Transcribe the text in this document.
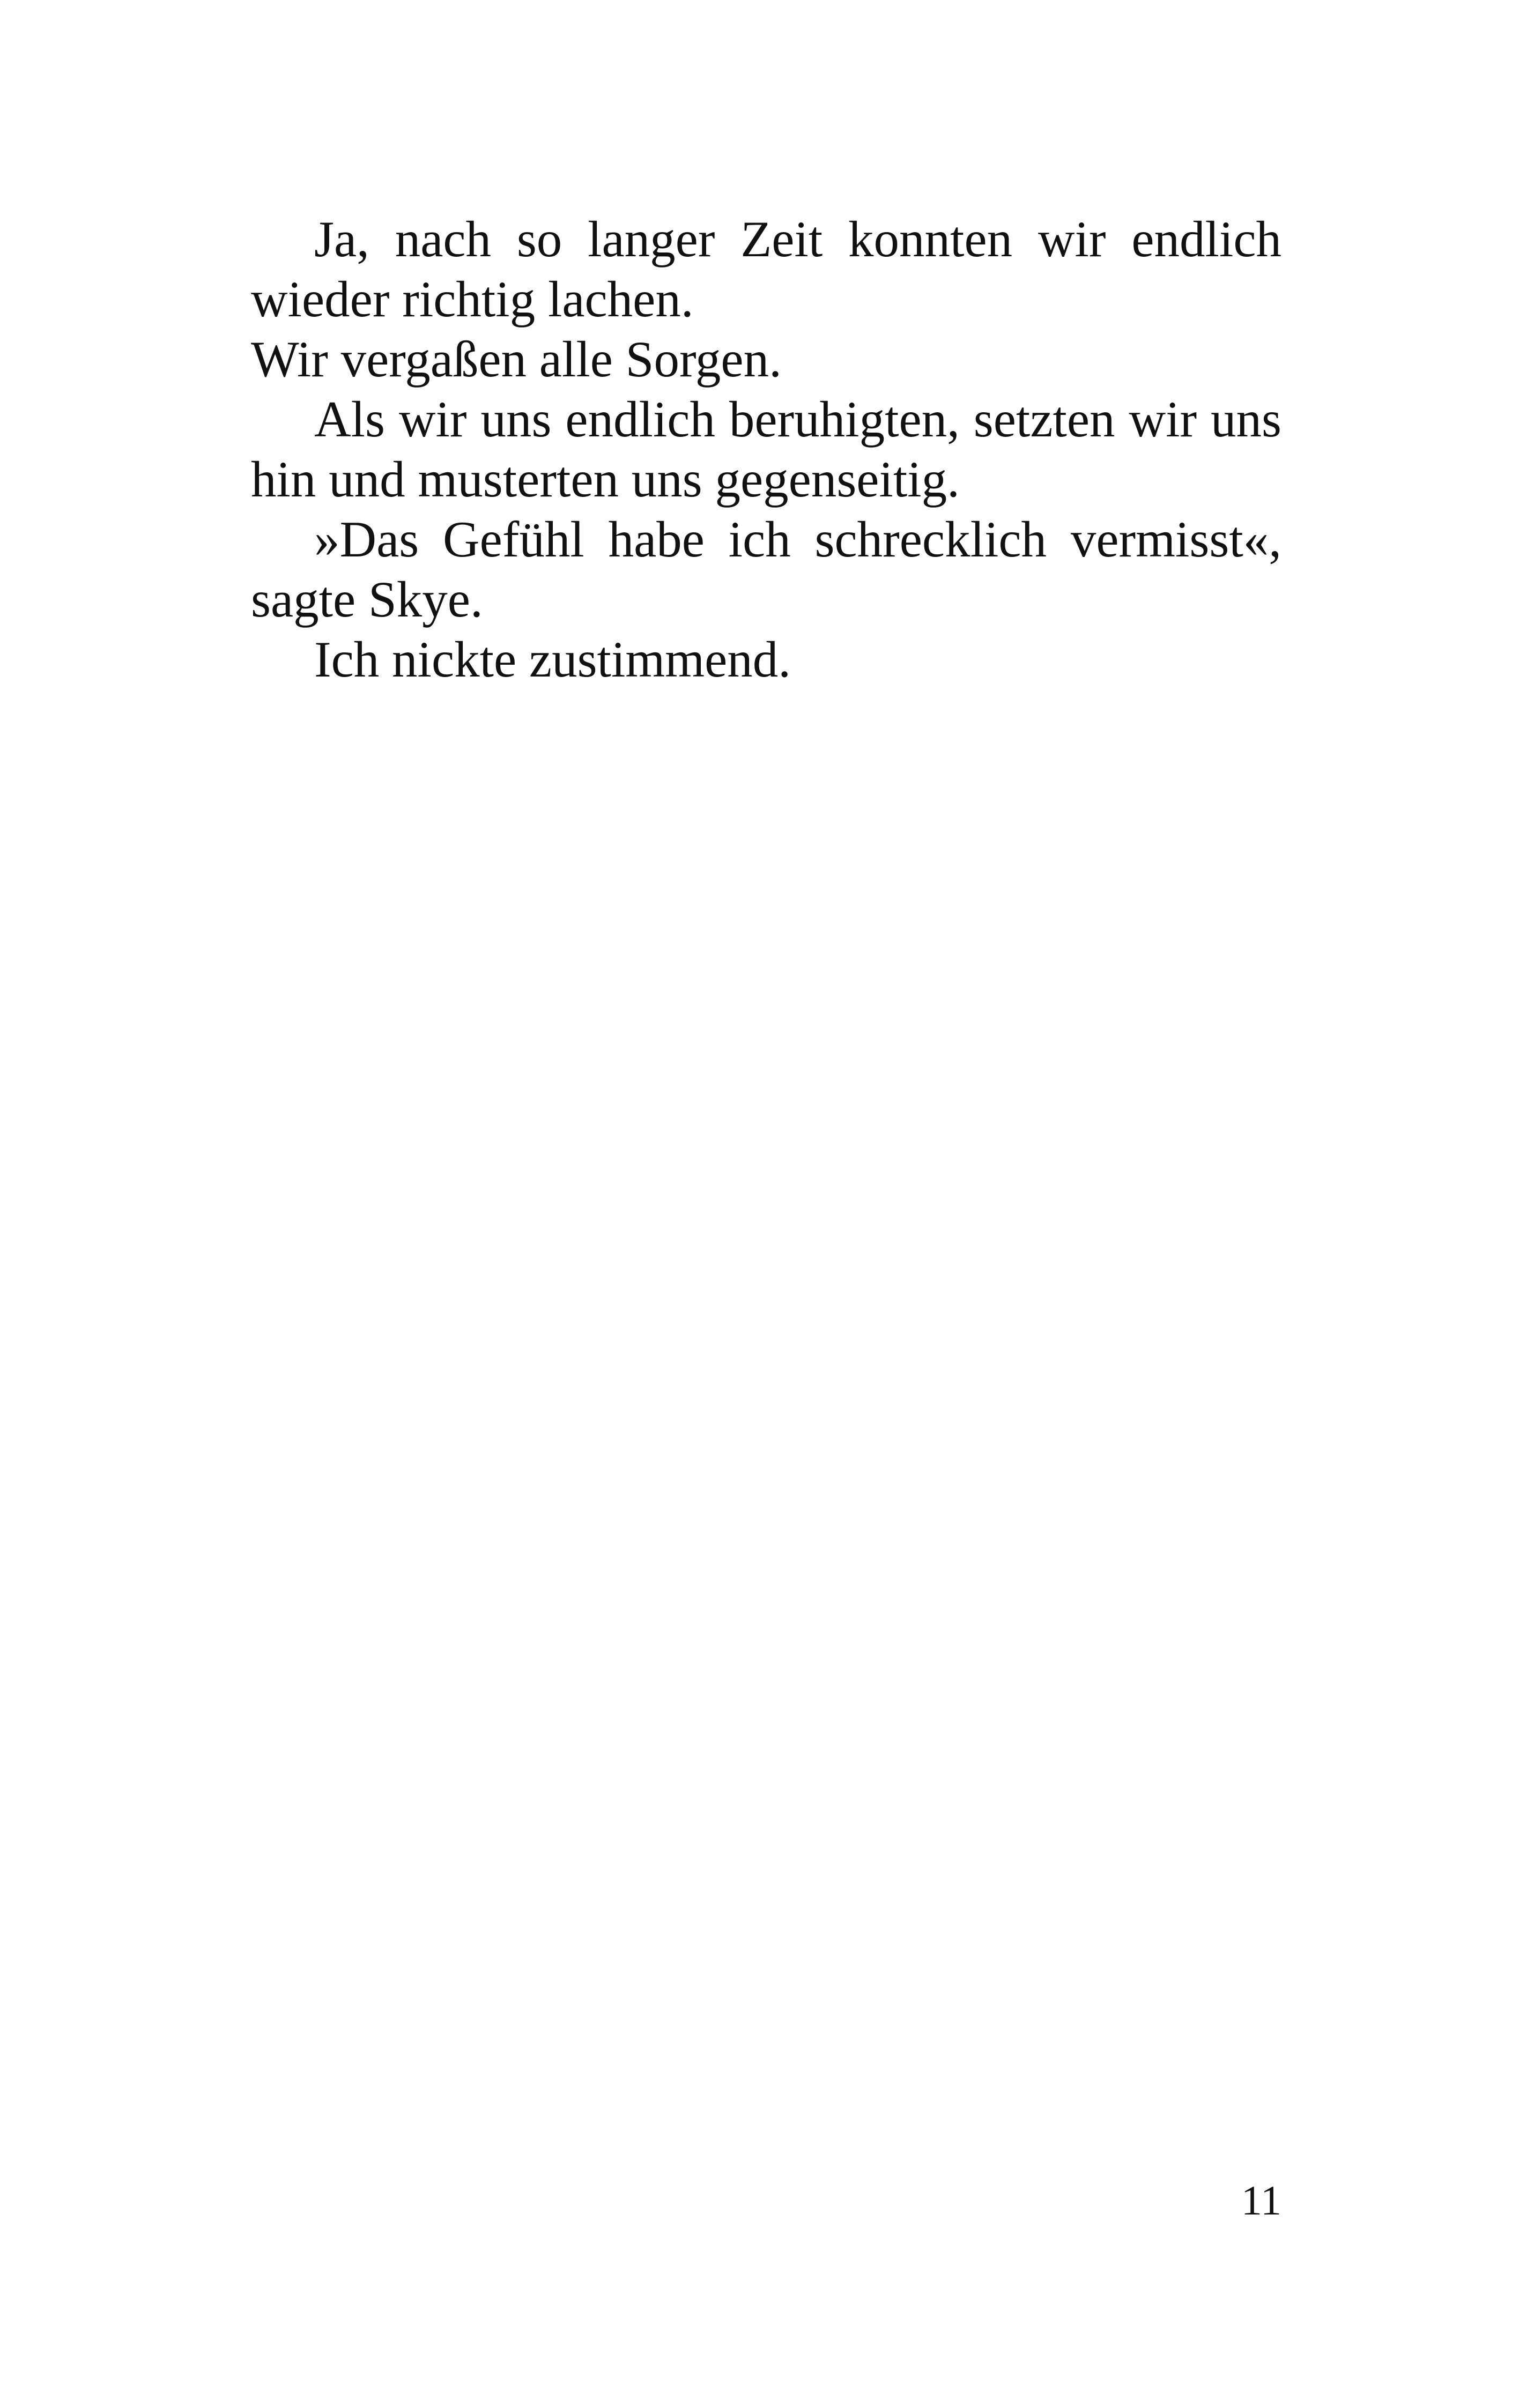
Ja, nach so langer Zeit konnten wir endlich wieder richtig lachen.

Wir vergaßen alle Sorgen.

Als wir uns endlich beruhigten, setzten wir uns hin und musterten uns gegenseitig.

»Das Gefühl habe ich schrecklich vermisst«, sagte Skye.

Ich nickte zustimmend.

11
